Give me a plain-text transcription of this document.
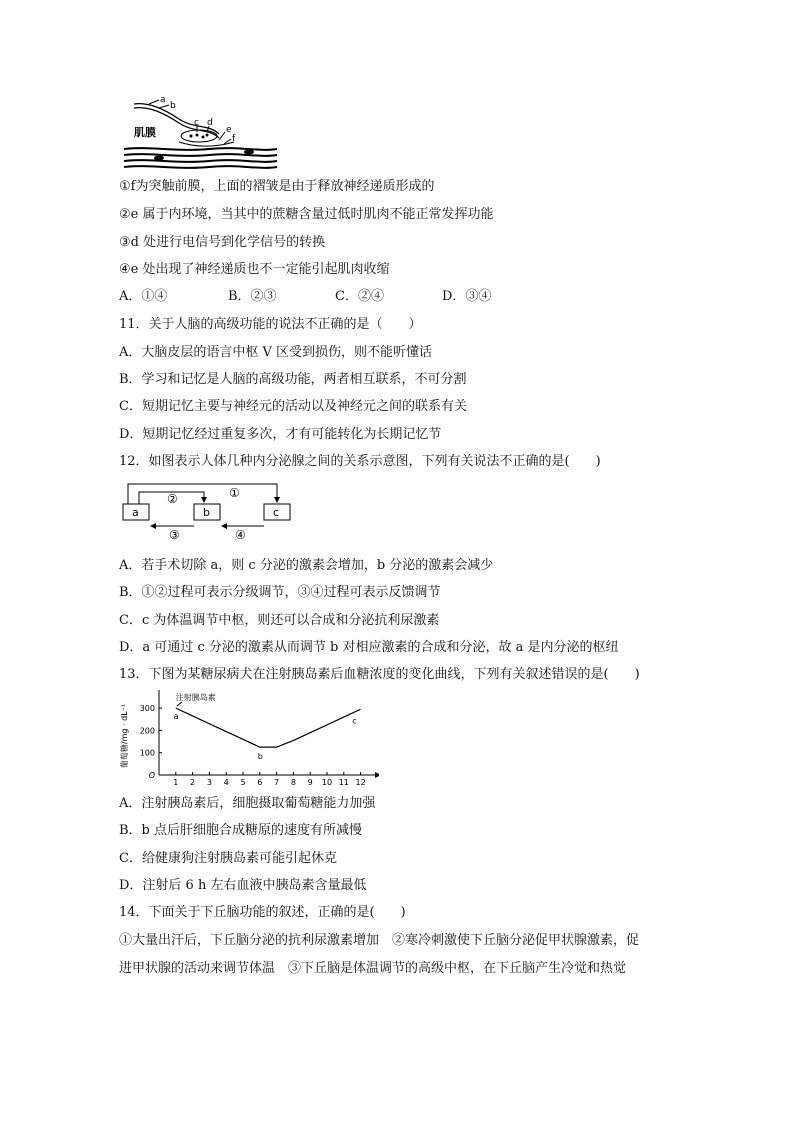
a
b
c d
e
f
肌膜
①f为突触前膜，上面的褶皱是由于释放神经递质形成的
②e 属于内环境，当其中的蔗糖含量过低时肌肉不能正常发挥功能
③d 处进行电信号到化学信号的转换
④e 处出现了神经递质也不一定能引起肌肉收缩
A．①④	B．②③	C．②④	D．③④
11．关于人脑的高级功能的说法不正确的是（　　）
A．大脑皮层的语言中枢 V 区受到损伤，则不能听懂话
B．学习和记忆是人脑的高级功能，两者相互联系，不可分割
C．短期记忆主要与神经元的活动以及神经元之间的联系有关
D．短期记忆经过重复多次，才有可能转化为长期记忆节
12．如图表示人体几种内分泌腺之间的关系示意图，下列有关说法不正确的是(　　)
a	b	c
①
②
③	④
A．若手术切除 a，则 c 分泌的激素会增加，b 分泌的激素会减少
B．①②过程可表示分级调节，③④过程可表示反馈调节
C．c 为体温调节中枢，则还可以合成和分泌抗利尿激素
D．a 可通过 c 分泌的激素从而调节 b 对相应激素的合成和分泌，故 a 是内分泌的枢纽
13．下图为某糖尿病犬在注射胰岛素后血糖浓度的变化曲线，下列有关叙述错误的是(　　)
1 2 3 4 5 6 7 8 9 10 11 12
O
100
200
300
葡萄糖/mg · dL⁻¹
注射胰岛素
a
b
c
A．注射胰岛素后，细胞摄取葡萄糖能力加强
B．b 点后肝细胞合成糖原的速度有所减慢
C．给健康狗注射胰岛素可能引起休克
D．注射后 6 h 左右血液中胰岛素含量最低
14．下面关于下丘脑功能的叙述，正确的是(　　)
①大量出汗后，下丘脑分泌的抗利尿激素增加　②寒冷刺激使下丘脑分泌促甲状腺激素，促
进甲状腺的活动来调节体温　③下丘脑是体温调节的高级中枢，在下丘脑产生冷觉和热觉
